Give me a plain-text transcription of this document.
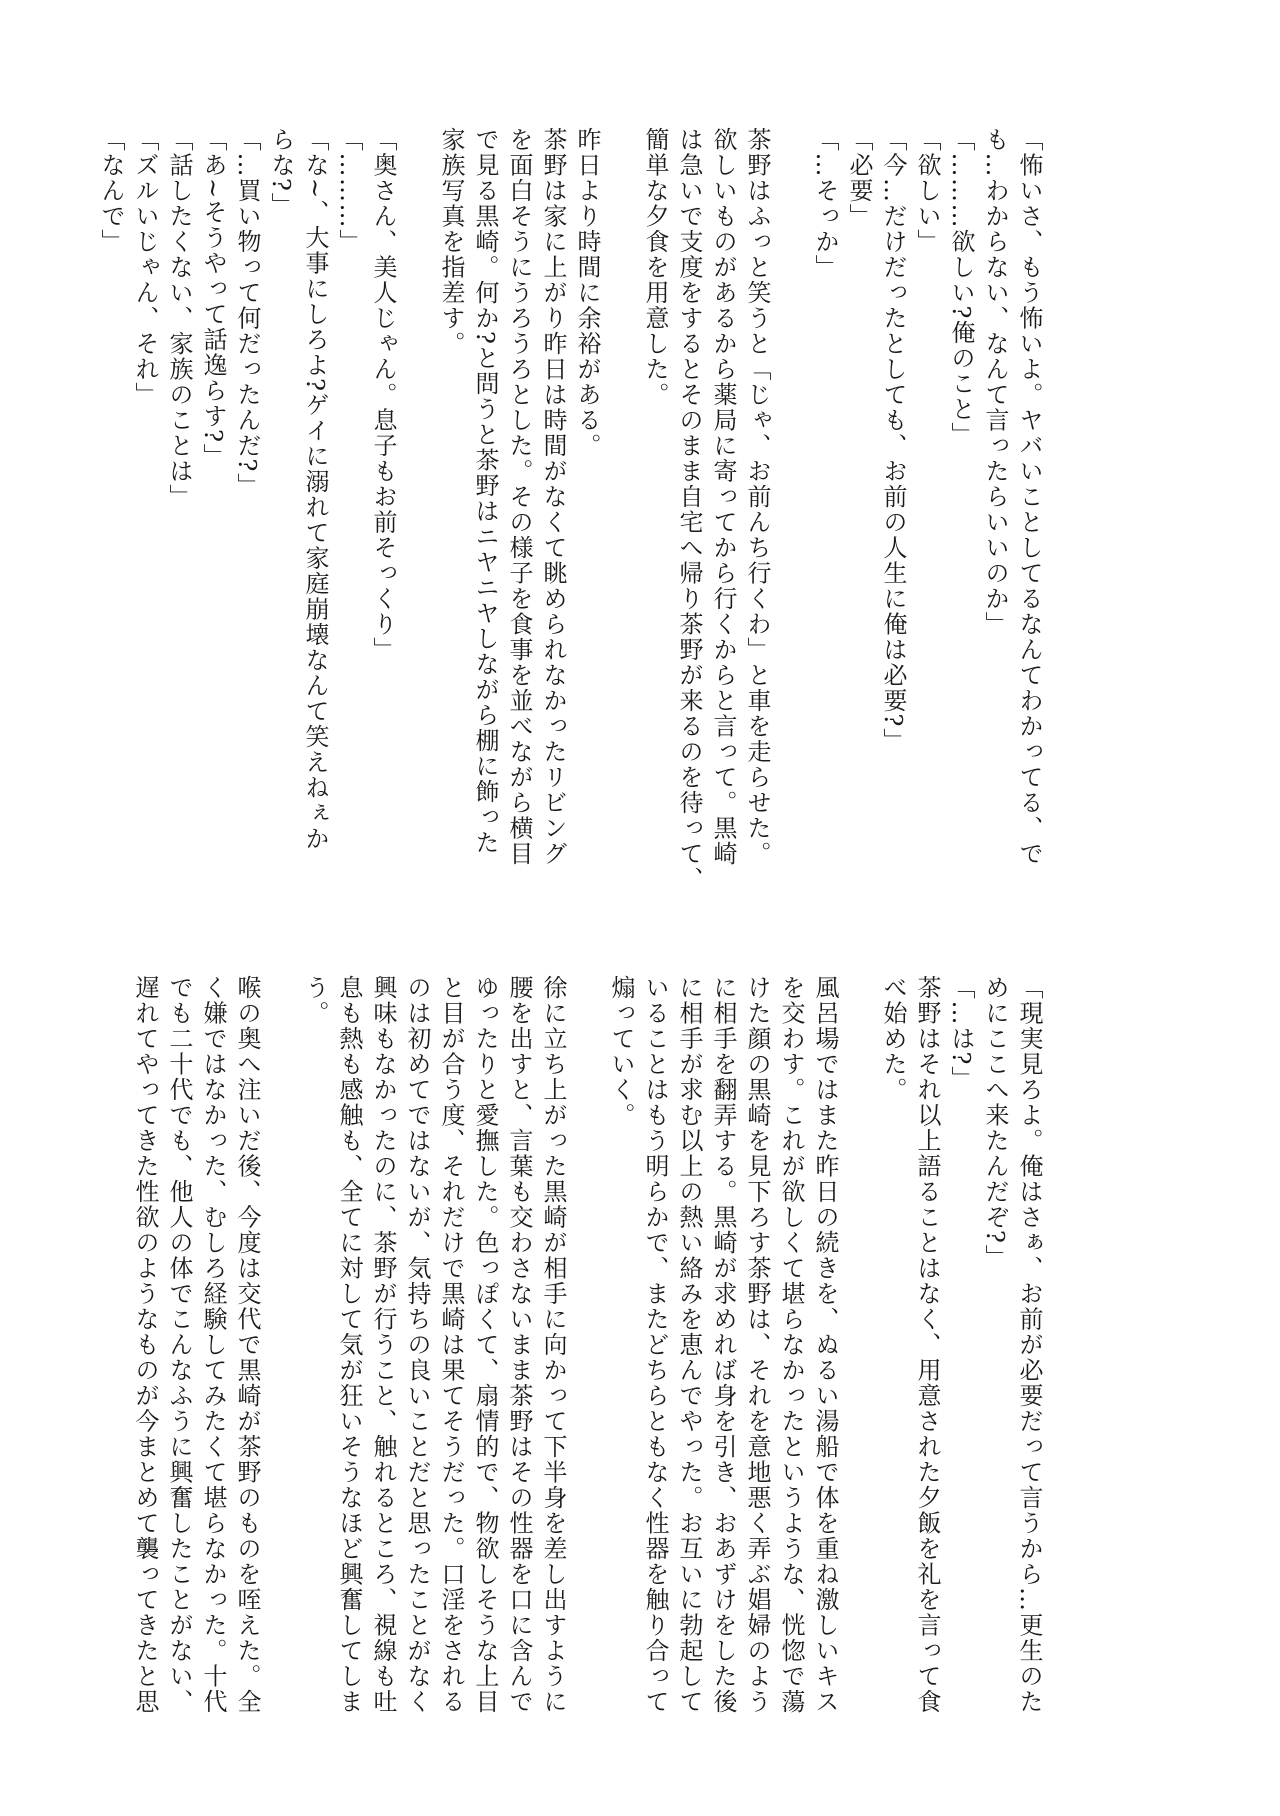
「怖いさ、もう怖いよ。ヤバいことしてるなんてわかってる、で
も…わからない、なんて言ったらいいのか」
「………欲しい?俺のこと」
「欲しい」
「今…だけだったとしても、お前の人生に俺は必要?」
「必要」
「…そっか」

茶野はふっと笑うと「じゃ、お前んち行くわ」と車を走らせた。
欲しいものがあるから薬局に寄ってから行くからと言って。黒崎
は急いで支度をするとそのまま自宅へ帰り茶野が来るのを待って、
簡単な夕食を用意した。

昨日より時間に余裕がある。
茶野は家に上がり昨日は時間がなくて眺められなかったリビング
を面白そうにうろうろとした。その様子を食事を並べながら横目
で見る黒崎。何か?と問うと茶野はニヤニヤしながら棚に飾った
家族写真を指差す。

「奥さん、美人じゃん。息子もお前そっくり」
「………」
「な~、大事にしろよ?ゲイに溺れて家庭崩壊なんて笑えねぇか
らな?」
「…買い物って何だったんだ?」
「あ~そうやって話逸らす?」
「話したくない、家族のことは」
「ズルいじゃん、それ」
「なんで」
「現実見ろよ。俺はさぁ、お前が必要だって言うから…更生のた
めにここへ来たんだぞ?」
「…は?」
茶野はそれ以上語ることはなく、用意された夕飯を礼を言って食
べ始めた。

風呂場ではまた昨日の続きを、ぬるい湯船で体を重ね激しいキス
を交わす。これが欲しくて堪らなかったというような、恍惚で蕩
けた顔の黒崎を見下ろす茶野は、それを意地悪く弄ぶ娼婦のよう
に相手を翻弄する。黒崎が求めれば身を引き、おあずけをした後
に相手が求む以上の熱い絡みを恵んでやった。お互いに勃起して
いることはもう明らかで、またどちらともなく性器を触り合って
煽っていく。

徐に立ち上がった黒崎が相手に向かって下半身を差し出すように
腰を出すと、言葉も交わさないまま茶野はその性器を口に含んで
ゆったりと愛撫した。色っぽくて、扇情的で、物欲しそうな上目
と目が合う度、それだけで黒崎は果てそうだった。口淫をされる
のは初めてではないが、気持ちの良いことだと思ったことがなく
興味もなかったのに、茶野が行うこと、触れるところ、視線も吐
息も熱も感触も、全てに対して気が狂いそうなほど興奮してしま
う。

喉の奥へ注いだ後、今度は交代で黒崎が茶野のものを咥えた。全
く嫌ではなかった、むしろ経験してみたくて堪らなかった。十代
でも二十代でも、他人の体でこんなふうに興奮したことがない、
遅れてやってきた性欲のようなものが今まとめて襲ってきたと思
